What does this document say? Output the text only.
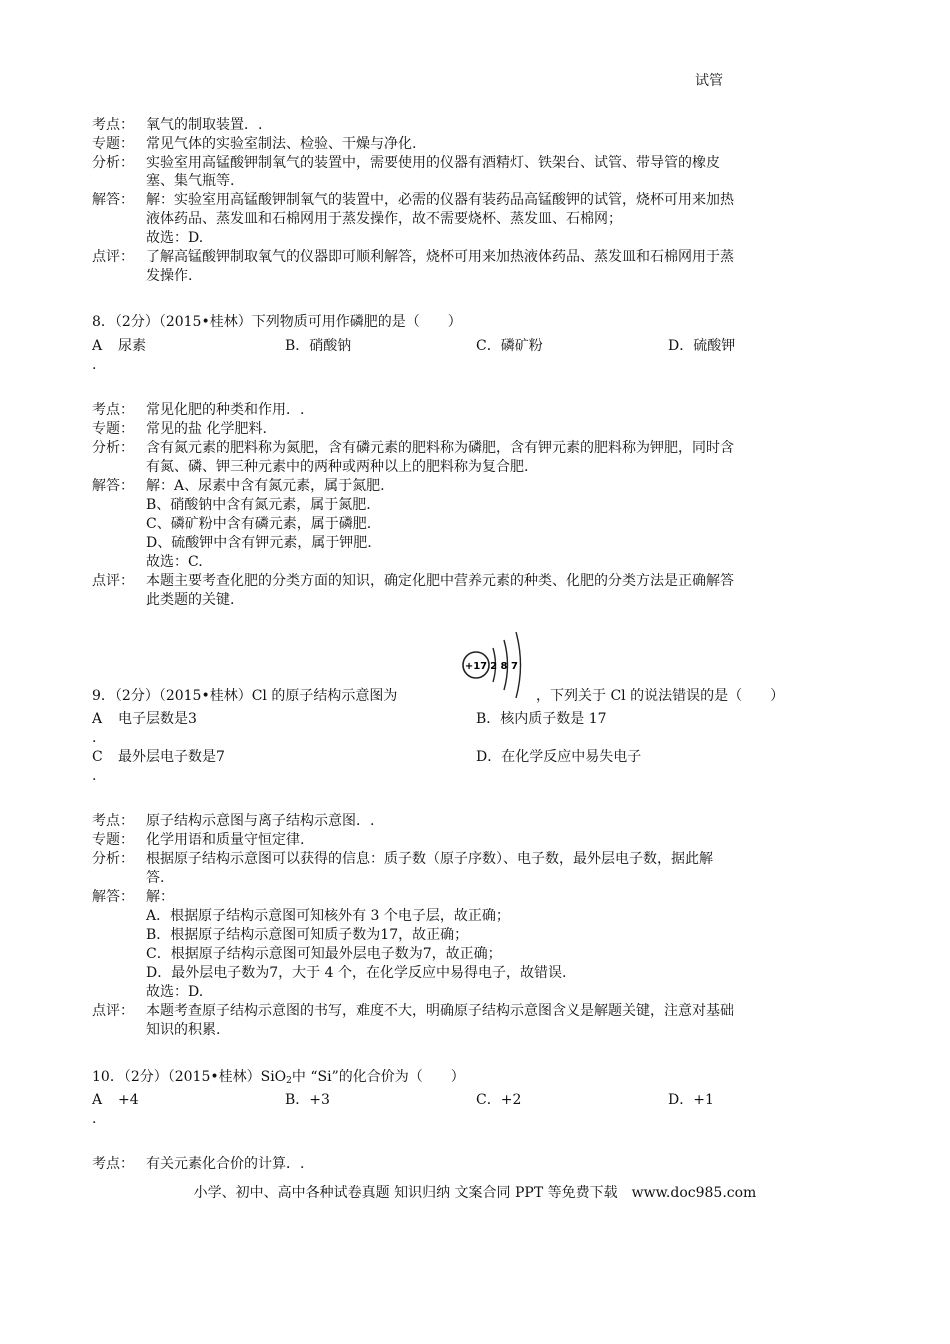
试管
考点： 氧气的制取装置．.
专题： 常见气体的实验室制法、检验、干燥与净化.
分析： 实验室用高锰酸钾制氧气的装置中，需要使用的仪器有酒精灯、铁架台、试管、带导管的橡皮
塞、集气瓶等.
解答： 解：实验室用高锰酸钾制氧气的装置中，必需的仪器有装药品高锰酸钾的试管，烧杯可用来加热
液体药品、蒸发皿和石棉网用于蒸发操作，故不需要烧杯、蒸发皿、石棉网；
故选：D.
点评： 了解高锰酸钾制取氧气的仪器即可顺利解答，烧杯可用来加热液体药品、蒸发皿和石棉网用于蒸
发操作.
8．（2分）（2015•桂林）下列物质可用作磷肥的是（　　）
A 尿素	B．硝酸钠	C．磷矿粉	D．硫酸钾
.
考点： 常见化肥的种类和作用．.
专题： 常见的盐 化学肥料.
分析： 含有氮元素的肥料称为氮肥，含有磷元素的肥料称为磷肥，含有钾元素的肥料称为钾肥，同时含
有氮、磷、钾三种元素中的两种或两种以上的肥料称为复合肥.
解答： 解：A、尿素中含有氮元素，属于氮肥.
B、硝酸钠中含有氮元素，属于氮肥.
C、磷矿粉中含有磷元素，属于磷肥.
D、硫酸钾中含有钾元素，属于钾肥.
故选：C.
点评： 本题主要考查化肥的分类方面的知识，确定化肥中营养元素的种类、化肥的分类方法是正确解答
此类题的关键.
9．（2分）（2015•桂林）Cl 的原子结构示意图为
+17 2 8 7
，下列关于 Cl 的说法错误的是（　　）
A 电子层数是3	B．核内质子数是 17
.
C 最外层电子数是7	D．在化学反应中易失电子
.
考点： 原子结构示意图与离子结构示意图．.
专题： 化学用语和质量守恒定律.
分析： 根据原子结构示意图可以获得的信息：质子数（原子序数）、电子数，最外层电子数，据此解
答.
解答： 解：
A．根据原子结构示意图可知核外有 3 个电子层，故正确；
B．根据原子结构示意图可知质子数为17，故正确；
C．根据原子结构示意图可知最外层电子数为7，故正确；
D．最外层电子数为7，大于 4 个，在化学反应中易得电子，故错误.
故选：D.
点评： 本题考查原子结构示意图的书写，难度不大，明确原子结构示意图含义是解题关键，注意对基础
知识的积累.
10．（2分）（2015•桂林）SiO$_2$中 “Si”的化合价为（　　）
A +4	B．+3	C．+2	D．+1
.
考点： 有关元素化合价的计算．.
小学、初中、高中各种试卷真题 知识归纳 文案合同 PPT 等免费下载　www.doc985.com
